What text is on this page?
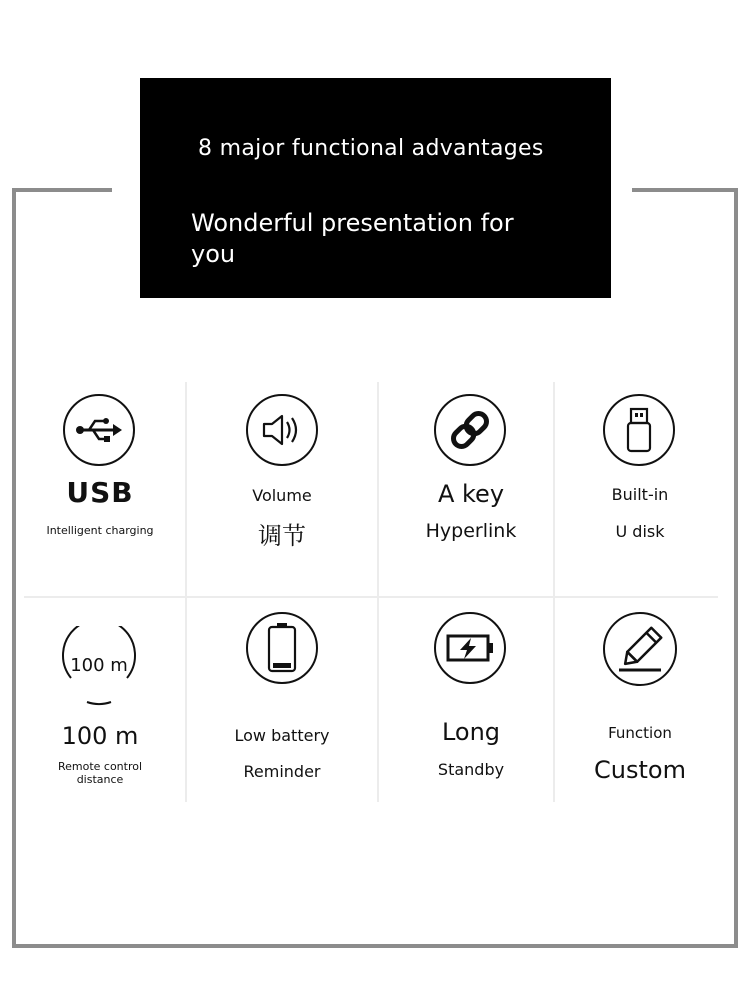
8 major functional advantages
Wonderful presentation for you
USB
Intelligent charging
Volume
调节
A key
Hyperlink
Built-in
U disk
100 m
100 m
Remote control distance
Low battery
Reminder
Long
Standby
Function
Custom
